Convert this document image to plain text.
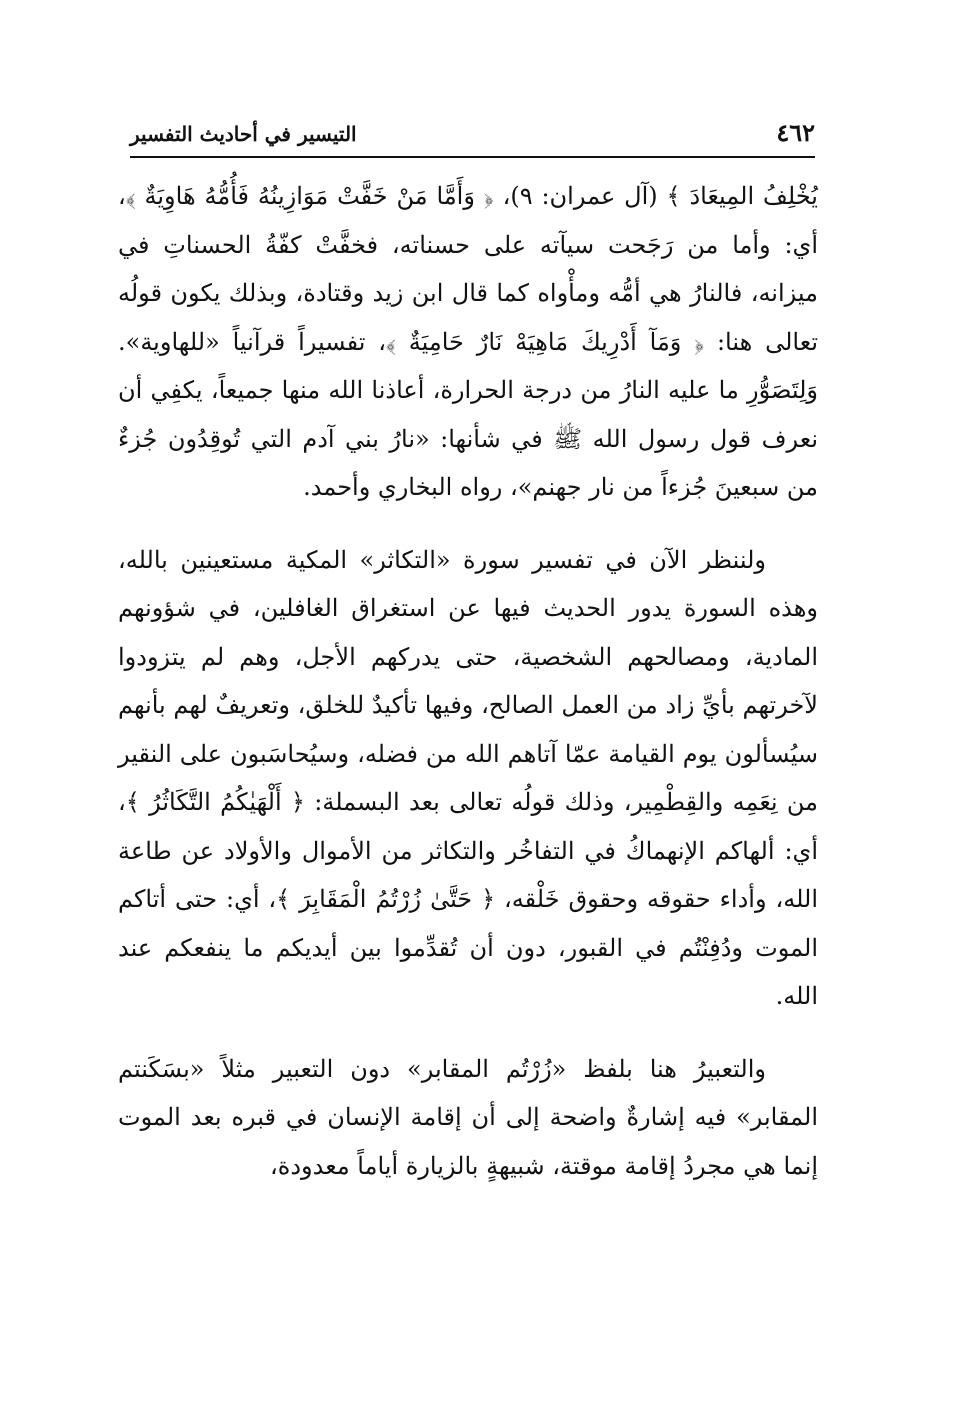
٤٦٢
التيسير في أحاديث التفسير

يُخْلِفُ المِيعَادَ ﴾ (آل عمران: ٩)، ﴿ وَأَمَّا مَنْ خَفَّتْ مَوَازِينُهُ فَأُمُّهُ هَاوِيَةٌ ﴾، أي: وأما من رَجَحت سيآته على حسناته، فخفَّتْ كفّةُ الحسناتِ في ميزانه، فالنارُ هي أمُّه ومأْواه كما قال ابن زيد وقتادة، وبذلك يكون قولُه تعالى هنا: ﴿ وَمَآ أَدْرِيكَ مَاهِيَهْ نَارٌ حَامِيَةٌ ﴾، تفسيراً قرآنياً «للهاوية». وَلِتَصَوُّرِ ما عليه النارُ من درجة الحرارة، أعاذنا الله منها جميعاً، يكفِي أن نعرف قول رسول الله ﷺ في شأنها: «نارُ بني آدم التي تُوقِدُون جُزءٌ من سبعينَ جُزءاً من نار جهنم»، رواه البخاري وأحمد.

ولننظر الآن في تفسير سورة «التكاثر» المكية مستعينين بالله، وهذه السورة يدور الحديث فيها عن استغراق الغافلين، في شؤونهم المادية، ومصالحهم الشخصية، حتى يدركهم الأجل، وهم لم يتزودوا لآخرتهم بأيِّ زاد من العمل الصالح، وفيها تأكيدٌ للخلق، وتعريفٌ لهم بأنهم سيُسألون يوم القيامة عمّا آتاهم الله من فضله، وسيُحاسَبون على النقير من نِعَمِه والقِطْمِير، وذلك قولُه تعالى بعد البسملة: ﴿ أَلْهَيٰكُمُ التَّكَاثُرُ ﴾، أي: ألهاكم الإنهماكُ في التفاخُر والتكاثر من الأموال والأولاد عن طاعة الله، وأداء حقوقه وحقوق خَلْقه، ﴿ حَتَّىٰ زُرْتُمُ الْمَقَابِرَ ﴾، أي: حتى أتاكم الموت ودُفِنْتُم في القبور، دون أن تُقدِّموا بين أيديكم ما ينفعكم عند الله.

والتعبيرُ هنا بلفظ «زُرْتُم المقابر» دون التعبير مثلاً «بسَكَنتم المقابر» فيه إشارةٌ واضحة إلى أن إقامة الإنسان في قبره بعد الموت إنما هي مجردُ إقامة موقتة، شبيهةٍ بالزيارة أياماً معدودة،
